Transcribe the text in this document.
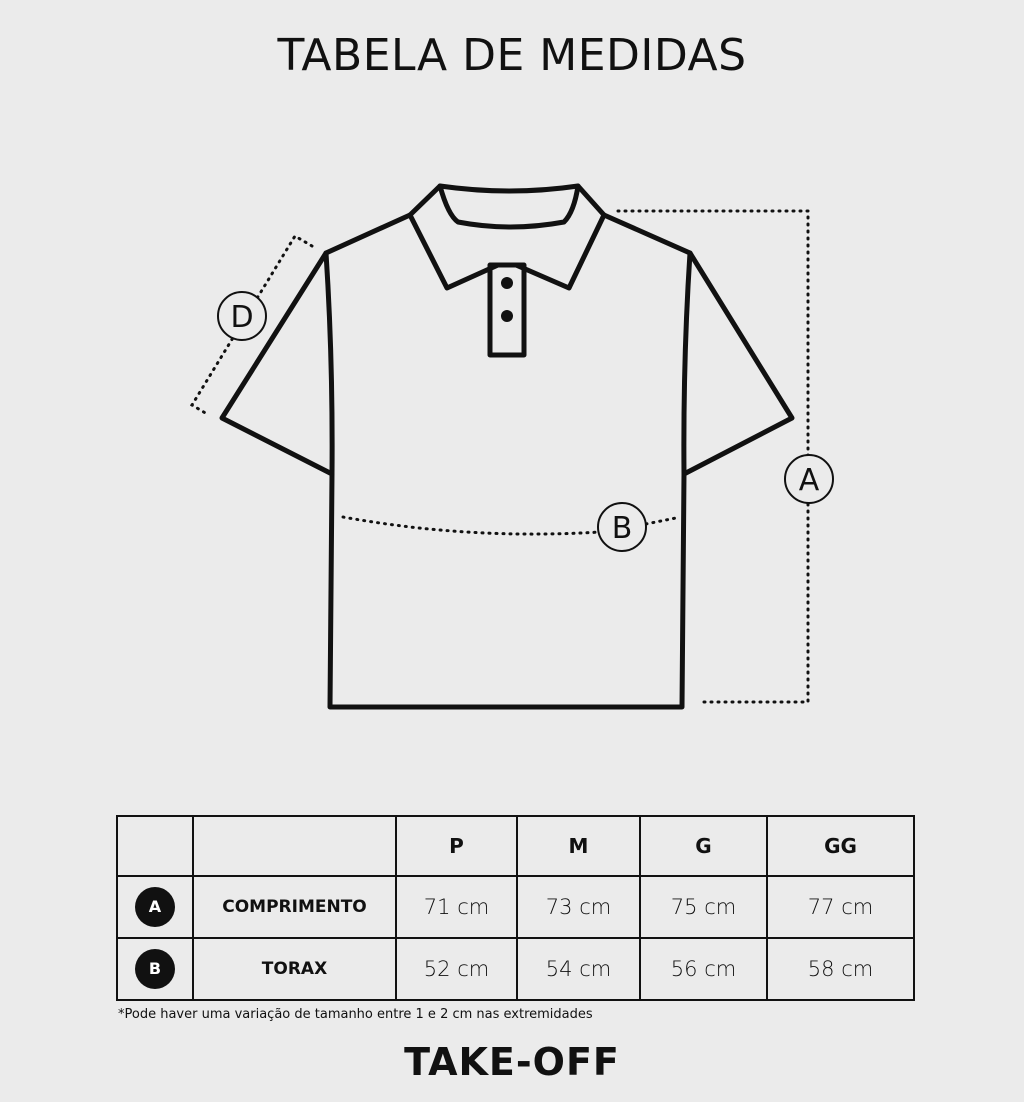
TABELA DE MEDIDAS
A
B
D
		P	M	G	GG
A	COMPRIMENTO	71 cm	73 cm	75 cm	77 cm
B	TORAX	52 cm	54 cm	56 cm	58 cm
*Pode haver uma variação de tamanho entre 1 e 2 cm nas extremidades
TAKE-OFF
